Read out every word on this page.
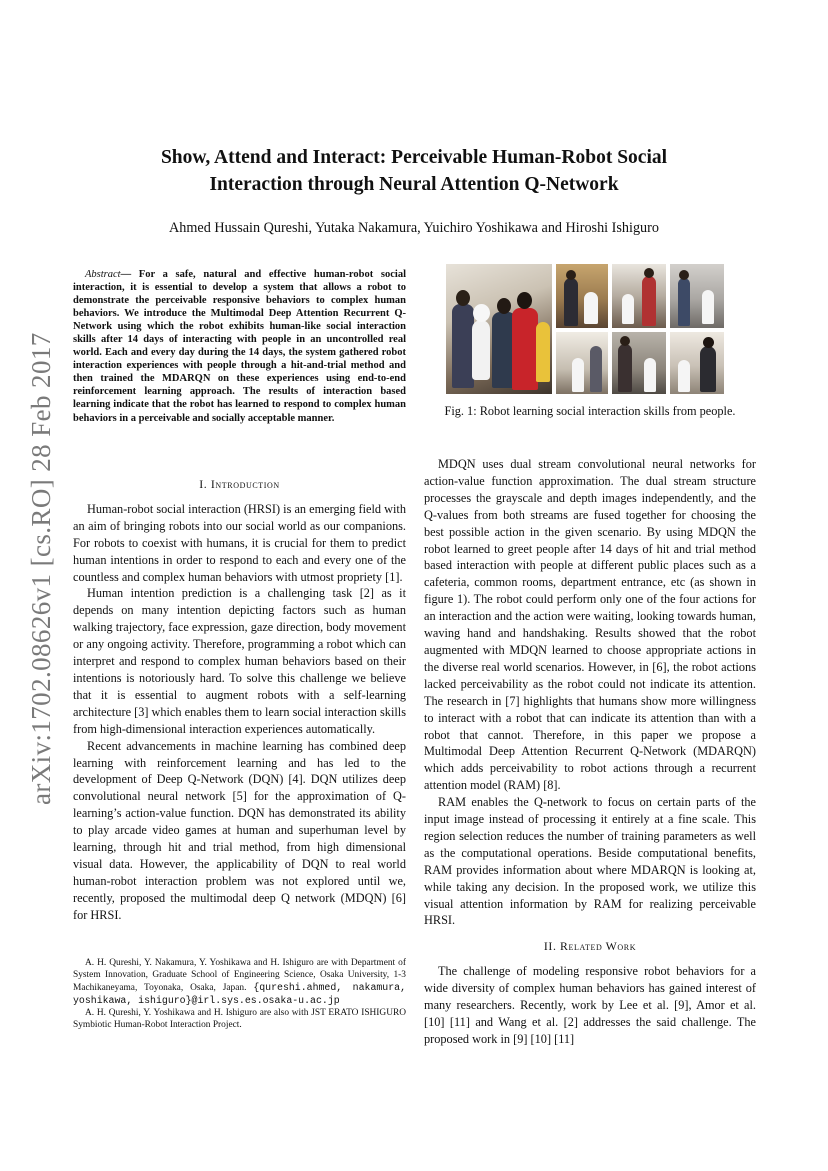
arXiv:1702.08626v1 [cs.RO] 28 Feb 2017
Show, Attend and Interact: Perceivable Human-Robot Social
Interaction through Neural Attention Q-Network
Ahmed Hussain Qureshi, Yutaka Nakamura, Yuichiro Yoshikawa and Hiroshi Ishiguro
Abstract— For a safe, natural and effective human-robot social interaction, it is essential to develop a system that allows a robot to demonstrate the perceivable responsive behaviors to complex human behaviors. We introduce the Multimodal Deep Attention Recurrent Q-Network using which the robot exhibits human-like social interaction skills after 14 days of interacting with people in an uncontrolled real world. Each and every day during the 14 days, the system gathered robot interaction experiences with people through a hit-and-trial method and then trained the MDARQN on these experiences using end-to-end reinforcement learning approach. The results of interaction based learning indicate that the robot has learned to respond to complex human behaviors in a perceivable and socially acceptable manner.

I. Introduction

Human-robot social interaction (HRSI) is an emerging field with an aim of bringing robots into our social world as our companions. For robots to coexist with humans, it is crucial for them to predict human intentions in order to respond to each and every one of the countless and complex human behaviors with utmost propriety [1].

Human intention prediction is a challenging task [2] as it depends on many intention depicting factors such as human walking trajectory, face expression, gaze direction, body movement or any ongoing activity. Therefore, programming a robot which can interpret and respond to complex human behaviors based on their intentions is notoriously hard. To solve this challenge we believe that it is essential to augment robots with a self-learning architecture [3] which enables them to learn social interaction skills from high-dimensional interaction experiences automatically.

Recent advancements in machine learning has combined deep learning with reinforcement learning and has led to the development of Deep Q-Network (DQN) [4]. DQN utilizes deep convolutional neural network [5] for the approximation of Q-learning’s action-value function. DQN has demonstrated its ability to play arcade video games at human and superhuman level by learning, through hit and trial method, from high dimensional visual data. However, the applicability of DQN to real world human-robot interaction problem was not explored until we, recently, proposed the multimodal deep Q network (MDQN) [6] for HRSI.

A. H. Qureshi, Y. Nakamura, Y. Yoshikawa and H. Ishiguro are with Department of System Innovation, Graduate School of Engineering Science, Osaka University, 1-3 Machikaneyama, Toyonaka, Osaka, Japan. {qureshi.ahmed, nakamura, yoshikawa, ishiguro}@irl.sys.es.osaka-u.ac.jp

A. H. Qureshi, Y. Yoshikawa and H. Ishiguro are also with JST ERATO ISHIGURO Symbiotic Human-Robot Interaction Project.

Fig. 1: Robot learning social interaction skills from people.

MDQN uses dual stream convolutional neural networks for action-value function approximation. The dual stream structure processes the grayscale and depth images independently, and the Q-values from both streams are fused together for choosing the best possible action in the given scenario. By using MDQN the robot learned to greet people after 14 days of hit and trial method based interaction with people at different public places such as a cafeteria, common rooms, department entrance, etc (as shown in figure 1). The robot could perform only one of the four actions for an interaction and the action were waiting, looking towards human, waving hand and handshaking. Results showed that the robot augmented with MDQN learned to choose appropriate actions in the diverse real world scenarios. However, in [6], the robot actions lacked perceivability as the robot could not indicate its attention. The research in [7] highlights that humans show more willingness to interact with a robot that can indicate its attention than with a robot that cannot. Therefore, in this paper we propose a Multimodal Deep Attention Recurrent Q-Network (MDARQN) which adds perceivability to robot actions through a recurrent attention model (RAM) [8].

RAM enables the Q-network to focus on certain parts of the input image instead of processing it entirely at a fine scale. This region selection reduces the number of training parameters as well as the computational operations. Beside computational benefits, RAM provides information about where MDARQN is looking at, while taking any decision. In the proposed work, we utilize this visual attention information by RAM for realizing perceivable HRSI.

II. Related Work

The challenge of modeling responsive robot behaviors for a wide diversity of complex human behaviors has gained interest of many researchers. Recently, work by Lee et al. [9], Amor et al. [10] [11] and Wang et al. [2] addresses the said challenge. The proposed work in [9] [10] [11]
